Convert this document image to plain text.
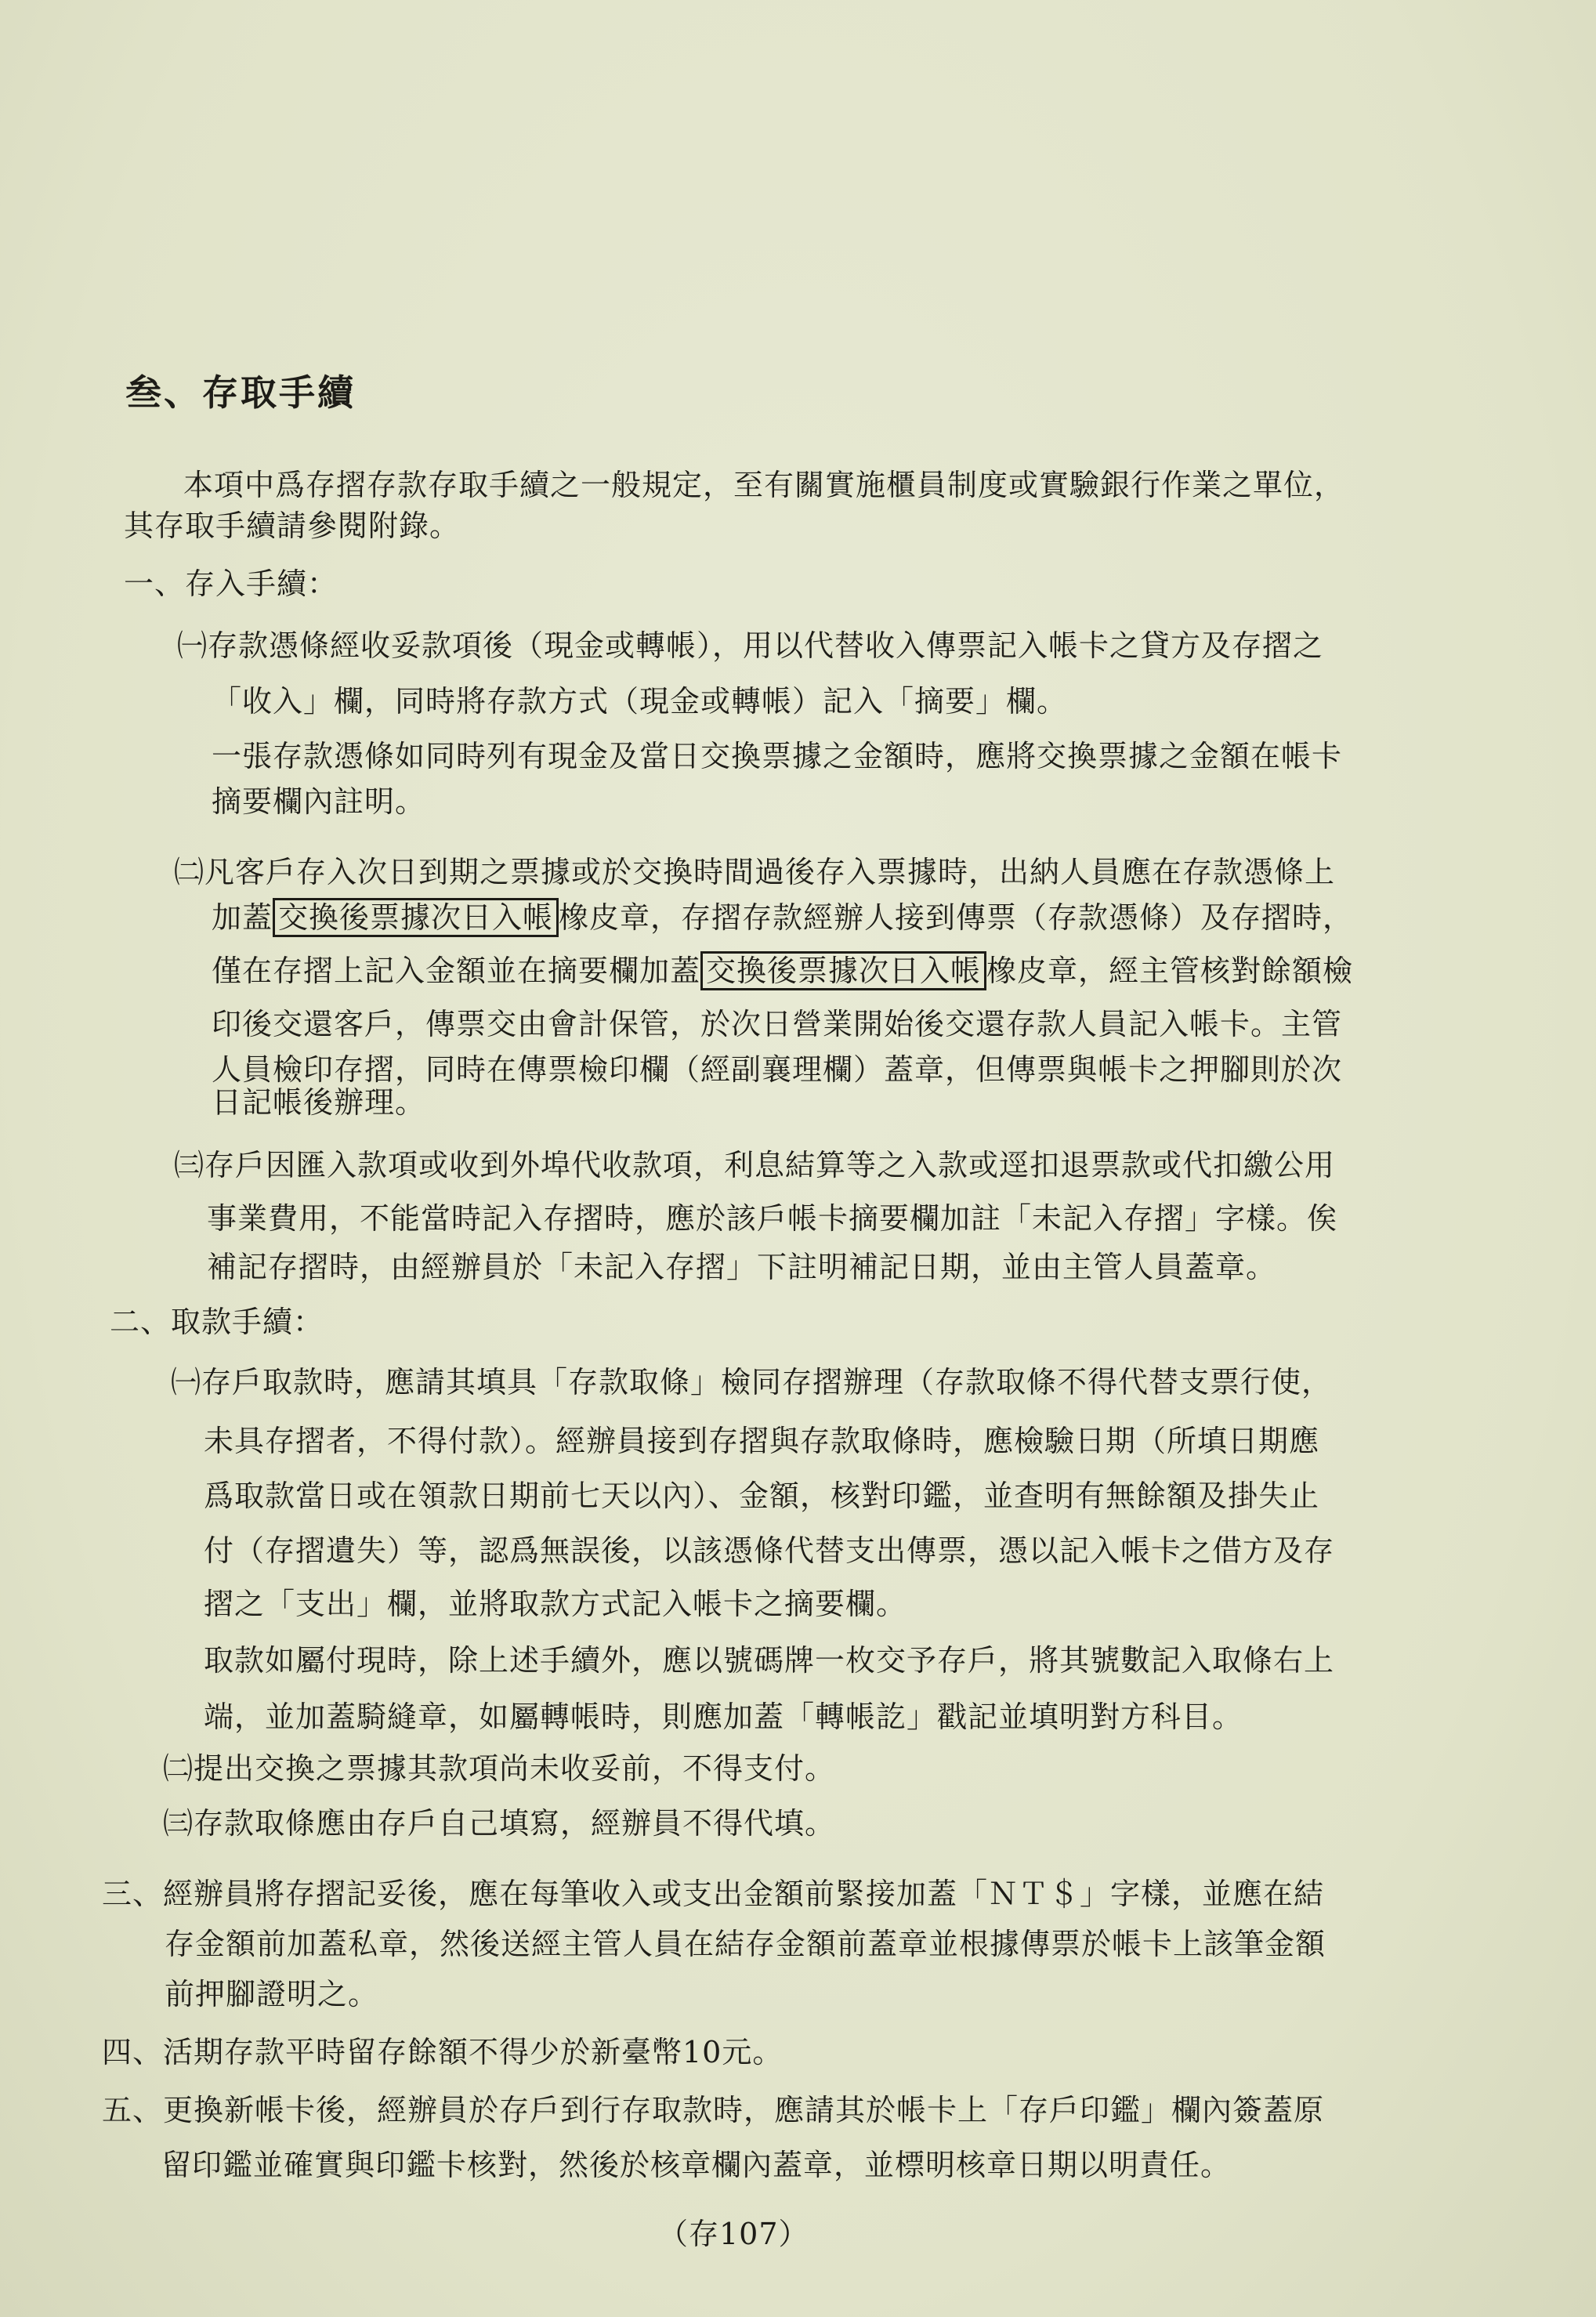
叁、存取手續
本項中爲存摺存款存取手續之一般規定，至有關實施櫃員制度或實驗銀行作業之單位，
其存取手續請參閱附錄。
一、存入手續：
㈠存款憑條經收妥款項後（現金或轉帳），用以代替收入傳票記入帳卡之貸方及存摺之
「收入」欄，同時將存款方式（現金或轉帳）記入「摘要」欄。
一張存款憑條如同時列有現金及當日交換票據之金額時，應將交換票據之金額在帳卡
摘要欄內註明。
㈡凡客戶存入次日到期之票據或於交換時間過後存入票據時，出納人員應在存款憑條上
加蓋 交換後票據次日入帳 橡皮章，存摺存款經辦人接到傳票（存款憑條）及存摺時，
僅在存摺上記入金額並在摘要欄加蓋 交換後票據次日入帳 橡皮章，經主管核對餘額檢
印後交還客戶，傳票交由會計保管，於次日營業開始後交還存款人員記入帳卡。主管
人員檢印存摺，同時在傳票檢印欄（經副襄理欄）蓋章，但傳票與帳卡之押腳則於次
日記帳後辦理。
㈢存戶因匯入款項或收到外埠代收款項，利息結算等之入款或逕扣退票款或代扣繳公用
事業費用，不能當時記入存摺時，應於該戶帳卡摘要欄加註「未記入存摺」字樣。俟
補記存摺時，由經辦員於「未記入存摺」下註明補記日期，並由主管人員蓋章。
二、取款手續：
㈠存戶取款時，應請其填具「存款取條」檢同存摺辦理（存款取條不得代替支票行使，
未具存摺者，不得付款）。經辦員接到存摺與存款取條時，應檢驗日期（所填日期應
爲取款當日或在領款日期前七天以內）、金額，核對印鑑，並查明有無餘額及掛失止
付（存摺遺失）等，認爲無誤後，以該憑條代替支出傳票，憑以記入帳卡之借方及存
摺之「支出」欄，並將取款方式記入帳卡之摘要欄。
取款如屬付現時，除上述手續外，應以號碼牌一枚交予存戶，將其號數記入取條右上
端，並加蓋騎縫章，如屬轉帳時，則應加蓋「轉帳訖」戳記並填明對方科目。
㈡提出交換之票據其款項尚未收妥前，不得支付。
㈢存款取條應由存戶自己填寫，經辦員不得代填。
三、經辦員將存摺記妥後，應在每筆收入或支出金額前緊接加蓋「ＮＴ＄」字樣，並應在結
存金額前加蓋私章，然後送經主管人員在結存金額前蓋章並根據傳票於帳卡上該筆金額
前押腳證明之。
四、活期存款平時留存餘額不得少於新臺幣10元。
五、更換新帳卡後，經辦員於存戶到行存取款時，應請其於帳卡上「存戶印鑑」欄內簽蓋原
留印鑑並確實與印鑑卡核對，然後於核章欄內蓋章，並標明核章日期以明責任。
（存107）
